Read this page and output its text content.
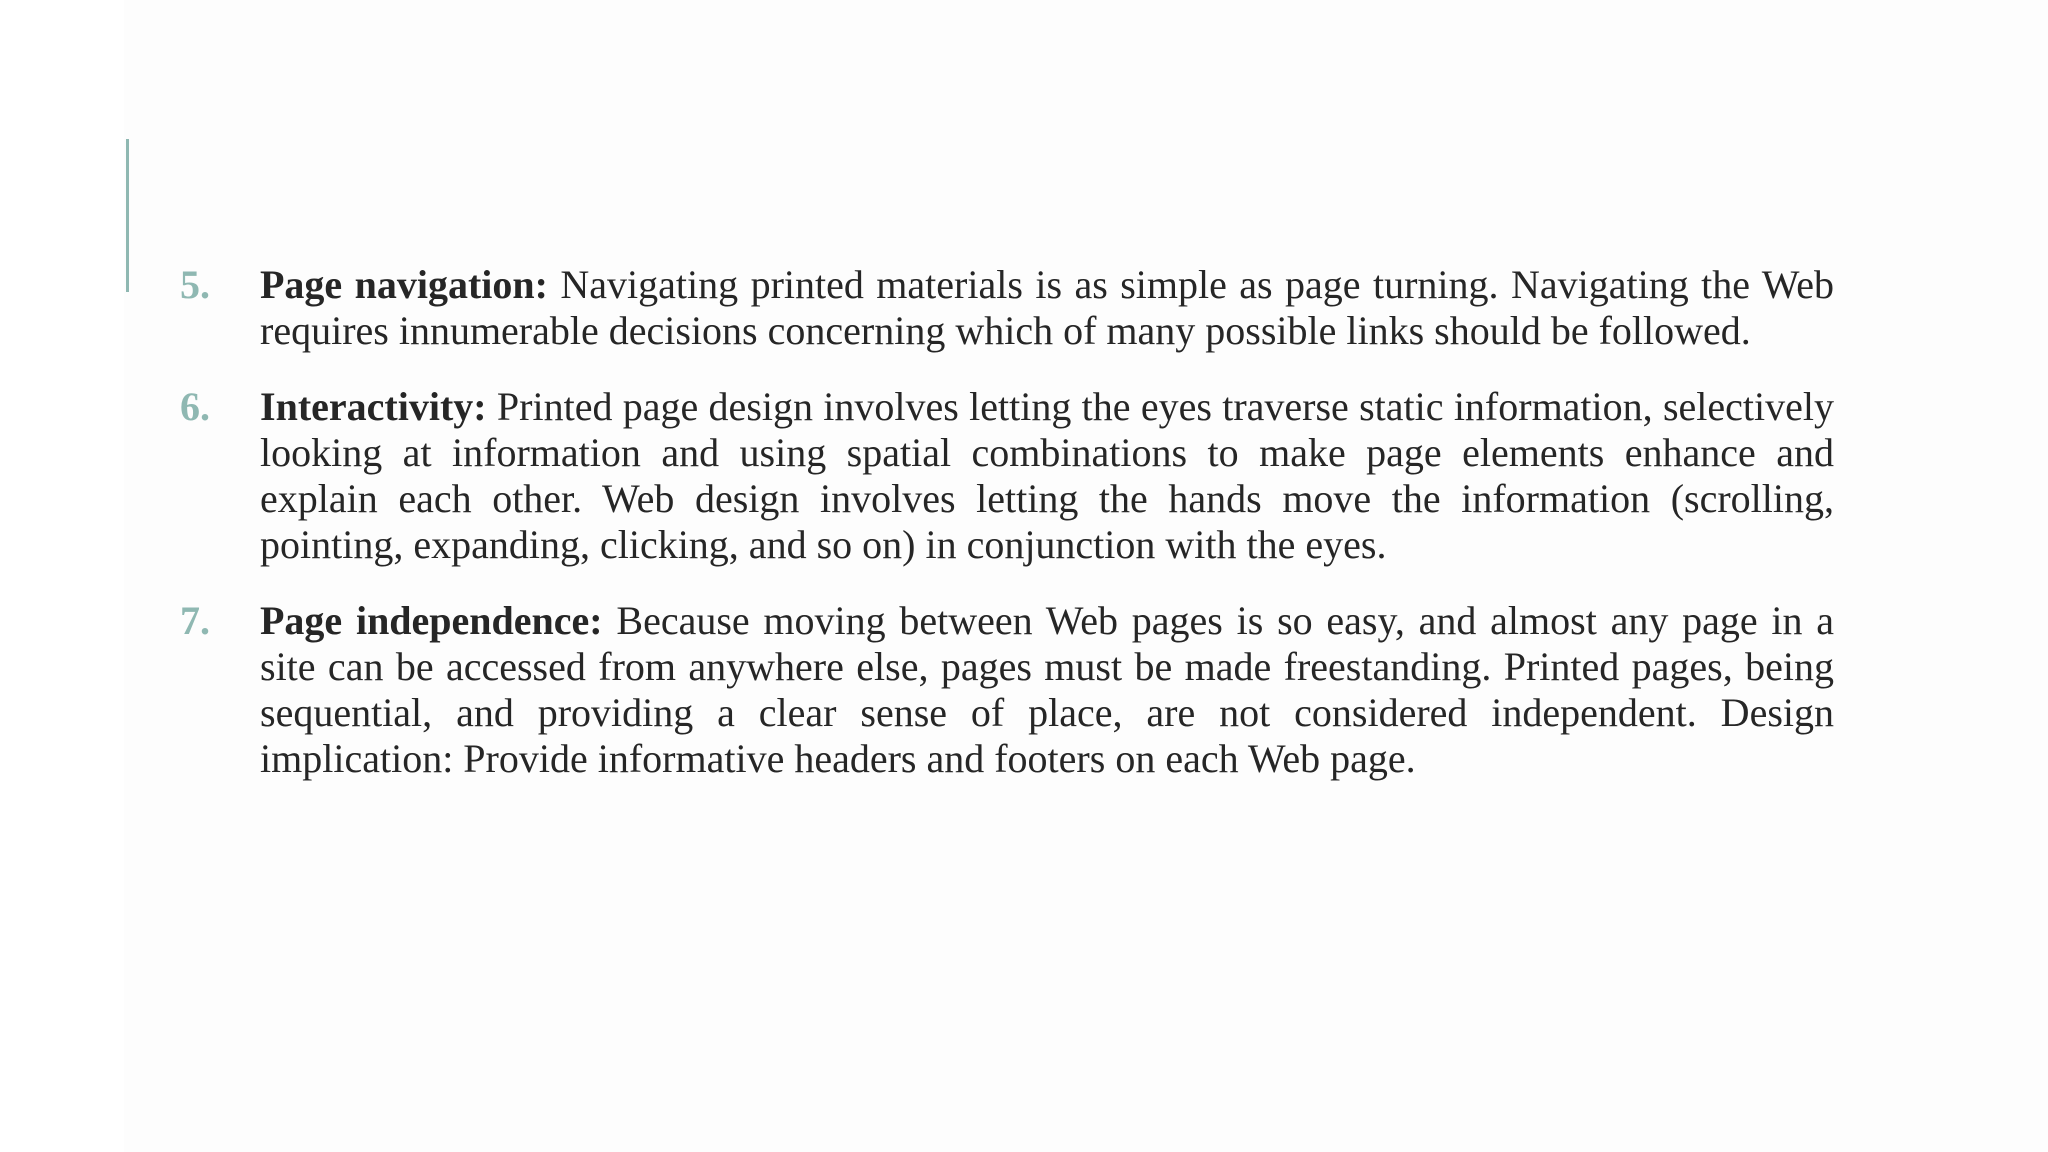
5.	Page navigation: Navigating printed materials is as simple as page turning. Navigating the Web requires innumerable decisions concerning which of many possible links should be followed.
6.	Interactivity: Printed page design involves letting the eyes traverse static information, selectively looking at information and using spatial combinations to make page elements enhance and explain each other. Web design involves letting the hands move the information (scrolling, pointing, expanding, clicking, and so on) in conjunction with the eyes.
7.	Page independence: Because moving between Web pages is so easy, and almost any page in a site can be accessed from anywhere else, pages must be made freestanding. Printed pages, being sequential, and providing a clear sense of place, are not considered independent. Design implication: Provide informative headers and footers on each Web page.
